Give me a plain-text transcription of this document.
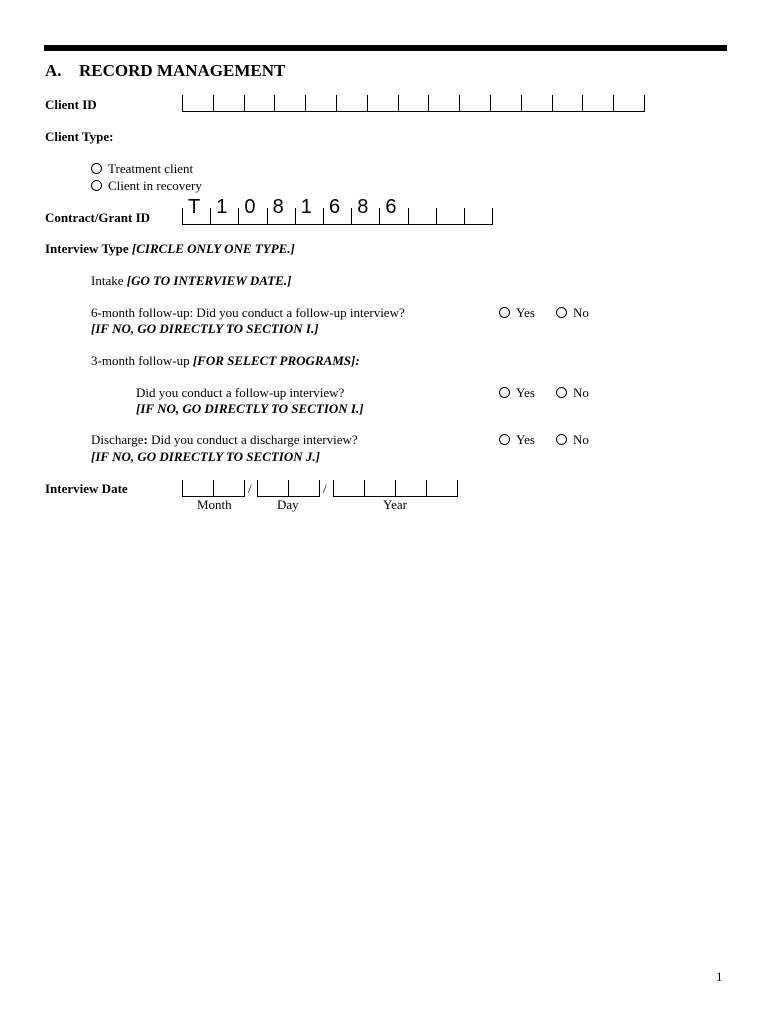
A. RECORD MANAGEMENT
Client ID
Client Type:
Treatment client
Client in recovery
Contract/Grant ID T 1 0 8 1 6 8 6
Interview Type [CIRCLE ONLY ONE TYPE.]
Intake [GO TO INTERVIEW DATE.]
6-month follow-up: Did you conduct a follow-up interview?
[IF NO, GO DIRECTLY TO SECTION I.]
Yes	No
3-month follow-up [FOR SELECT PROGRAMS]:
Did you conduct a follow-up interview?
[IF NO, GO DIRECTLY TO SECTION I.]
Yes	No
Discharge: Did you conduct a discharge interview?
[IF NO, GO DIRECTLY TO SECTION J.]
Yes	No
Interview Date	/	/
Month	Day	Year
1
